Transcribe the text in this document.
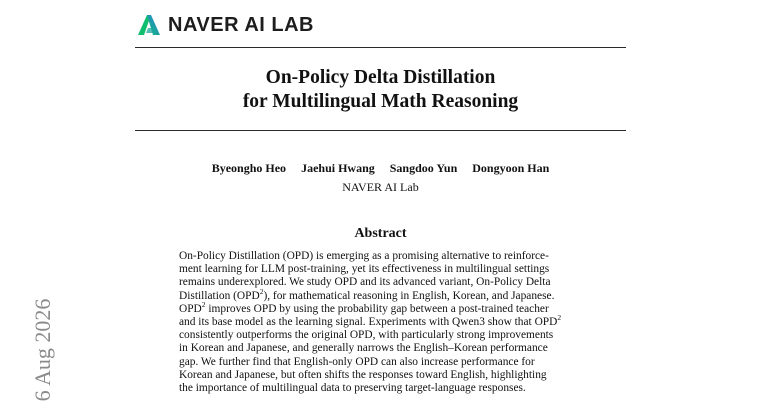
NAVER AI LAB
On-Policy Delta Distillation
for Multilingual Math Reasoning
Byeongho Heo Jaehui Hwang Sangdoo Yun Dongyoon Han
NAVER AI Lab
Abstract
On-Policy Distillation (OPD) is emerging as a promising alternative to reinforce-
ment learning for LLM post-training, yet its effectiveness in multilingual settings
remains underexplored. We study OPD and its advanced variant, On-Policy Delta
Distillation (OPD$^2$), for mathematical reasoning in English, Korean, and Japanese.
OPD$^2$ improves OPD by using the probability gap between a post-trained teacher
and its base model as the learning signal. Experiments with Qwen3 show that OPD$^2$
consistently outperforms the original OPD, with particularly strong improvements
in Korean and Japanese, and generally narrows the English–Korean performance
gap. We further find that English-only OPD can also increase performance for
Korean and Japanese, but often shifts the responses toward English, highlighting
the importance of multilingual data to preserving target-language responses.
6 Aug 2026
